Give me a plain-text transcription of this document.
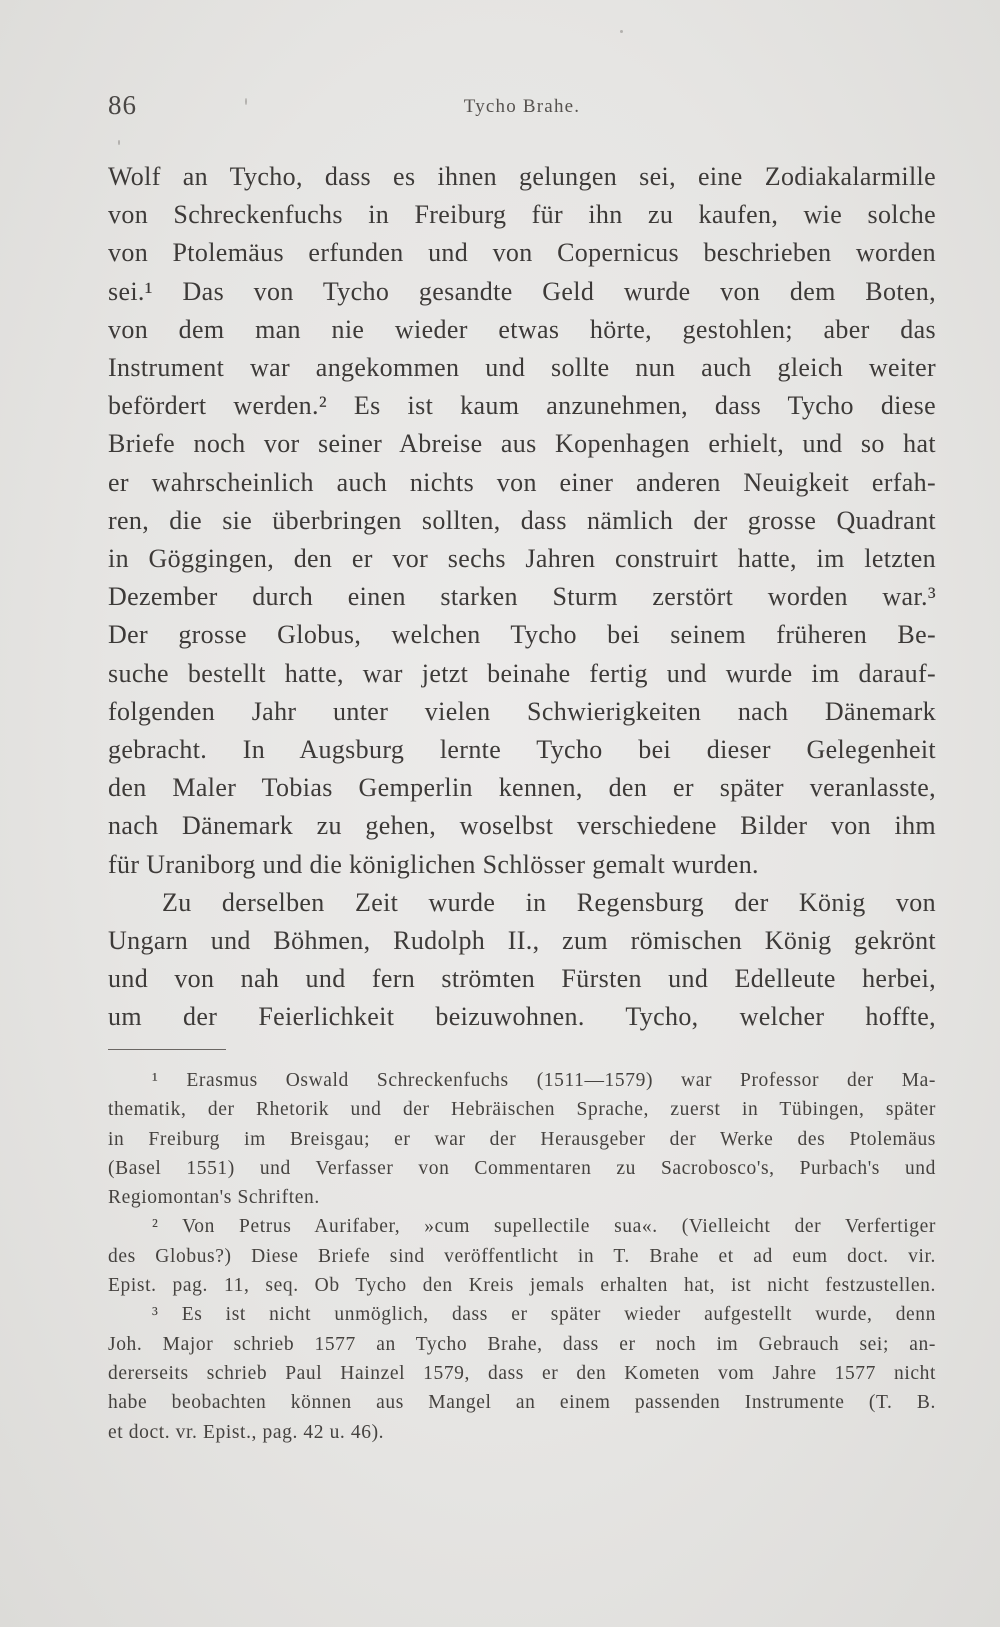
86	Tycho Brahe.
Wolf an Tycho, dass es ihnen gelungen sei, eine Zodiakalarmille
von Schreckenfuchs in Freiburg für ihn zu kaufen, wie solche
von Ptolemäus erfunden und von Copernicus beschrieben worden
sei.¹ Das von Tycho gesandte Geld wurde von dem Boten,
von dem man nie wieder etwas hörte, gestohlen; aber das
Instrument war angekommen und sollte nun auch gleich weiter
befördert werden.² Es ist kaum anzunehmen, dass Tycho diese
Briefe noch vor seiner Abreise aus Kopenhagen erhielt, und so hat
er wahrscheinlich auch nichts von einer anderen Neuigkeit erfah-
ren, die sie überbringen sollten, dass nämlich der grosse Quadrant
in Göggingen, den er vor sechs Jahren construirt hatte, im letzten
Dezember durch einen starken Sturm zerstört worden war.³
Der grosse Globus, welchen Tycho bei seinem früheren Be-
suche bestellt hatte, war jetzt beinahe fertig und wurde im darauf-
folgenden Jahr unter vielen Schwierigkeiten nach Dänemark
gebracht. In Augsburg lernte Tycho bei dieser Gelegenheit
den Maler Tobias Gemperlin kennen, den er später veranlasste,
nach Dänemark zu gehen, woselbst verschiedene Bilder von ihm
für Uraniborg und die königlichen Schlösser gemalt wurden.
Zu derselben Zeit wurde in Regensburg der König von
Ungarn und Böhmen, Rudolph II., zum römischen König gekrönt
und von nah und fern strömten Fürsten und Edelleute herbei,
um der Feierlichkeit beizuwohnen. Tycho, welcher hoffte,
¹ Erasmus Oswald Schreckenfuchs (1511—1579) war Professor der Ma-
thematik, der Rhetorik und der Hebräischen Sprache, zuerst in Tübingen, später
in Freiburg im Breisgau; er war der Herausgeber der Werke des Ptolemäus
(Basel 1551) und Verfasser von Commentaren zu Sacrobosco's, Purbach's und
Regiomontan's Schriften.
² Von Petrus Aurifaber, »cum supellectile sua«. (Vielleicht der Verfertiger
des Globus?) Diese Briefe sind veröffentlicht in T. Brahe et ad eum doct. vir.
Epist. pag. 11, seq. Ob Tycho den Kreis jemals erhalten hat, ist nicht festzustellen.
³ Es ist nicht unmöglich, dass er später wieder aufgestellt wurde, denn
Joh. Major schrieb 1577 an Tycho Brahe, dass er noch im Gebrauch sei; an-
dererseits schrieb Paul Hainzel 1579, dass er den Kometen vom Jahre 1577 nicht
habe beobachten können aus Mangel an einem passenden Instrumente (T. B.
et doct. vr. Epist., pag. 42 u. 46).
